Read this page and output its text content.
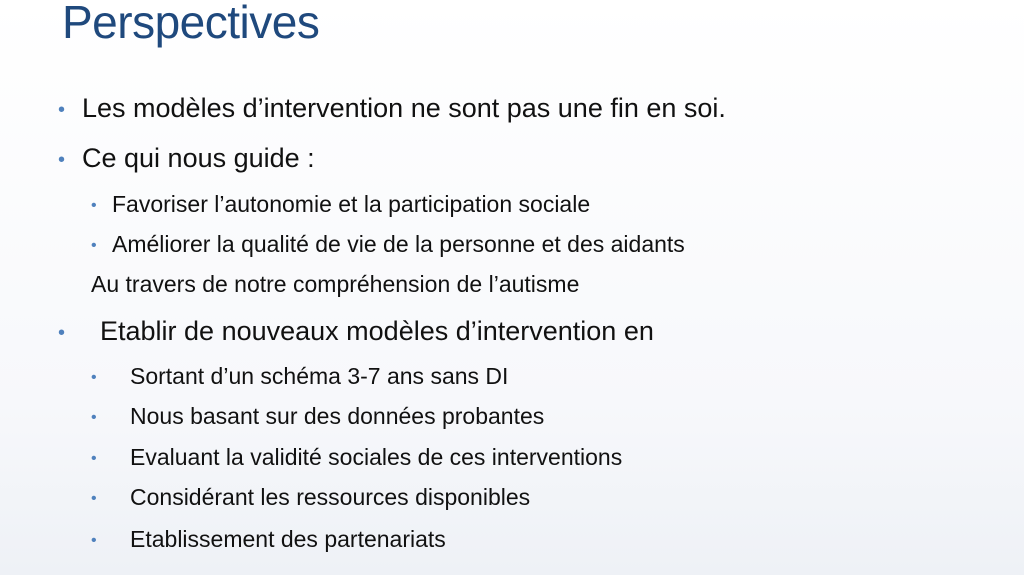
Perspectives
• Les modèles d’intervention ne sont pas une fin en soi.
• Ce qui nous guide :
• Favoriser l’autonomie et la participation sociale
• Améliorer la qualité de vie de la personne et des aidants
Au travers de notre compréhension de l’autisme
• Etablir de nouveaux modèles d’intervention en
• Sortant d’un schéma 3-7 ans sans DI
• Nous basant sur des données probantes
• Evaluant la validité sociales de ces interventions
• Considérant les ressources disponibles
• Etablissement des partenariats
